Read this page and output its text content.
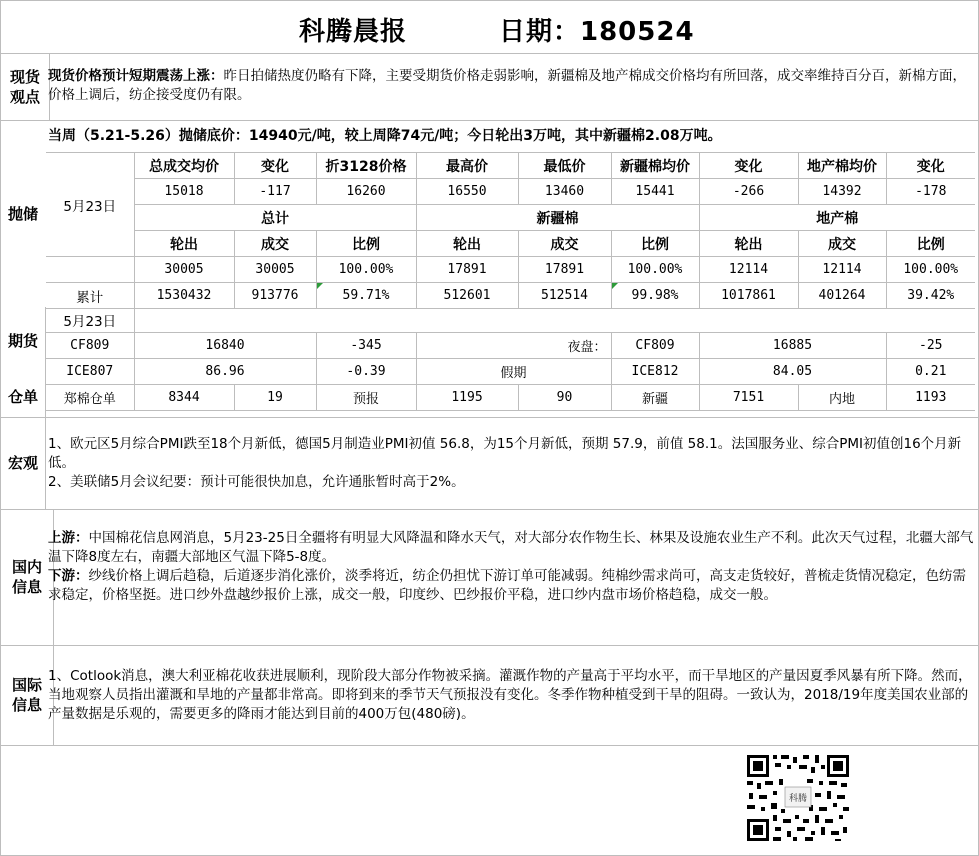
科腾晨报	日期：180524
现货观点
现货价格预计短期震荡上涨：昨日拍储热度仍略有下降，主要受期货价格走弱影响，新疆棉及地产棉成交价格均有所回落，成交率维持百分百，新棉方面，价格上调后，纺企接受度仍有限。
抛储
当周（5.21-5.26）抛储底价：14940元/吨，较上周降74元/吨；今日轮出3万吨，其中新疆棉2.08万吨。
5月23日	总成交均价	变化	折3128价格	最高价	最低价	新疆棉均价	变化	地产棉均价	变化
	15018	-117	16260	16550	13460	15441	-266	14392	-178
	总计			新疆棉			地产棉		
	轮出	成交	比例	轮出	成交	比例	轮出	成交	比例
	30005	30005	100.00%	17891	17891	100.00%	12114	12114	100.00%
累计	1530432	913776	59.71%	512601	512514	99.98%	1017861	401264	39.42%
期货
仓单
5月23日									
CF809	16840		-345	夜盘：		CF809	16885		-25
ICE807	86.96		-0.39	假期		ICE812	84.05		0.21
郑棉仓单	8344	19	预报	1195	90	新疆	7151	内地	1193
宏观
1、欧元区5月综合PMI跌至18个月新低，德国5月制造业PMI初值 56.8，为15个月新低，预期 57.9，前值 58.1。法国服务业、综合PMI初值创16个月新低。
2、美联储5月会议纪要：预计可能很快加息，允许通胀暂时高于2%。
国内信息
上游：中国棉花信息网消息，5月23-25日全疆将有明显大风降温和降水天气，对大部分农作物生长、林果及设施农业生产不利。此次天气过程，北疆大部气温下降8度左右，南疆大部地区气温下降5-8度。
下游：纱线价格上调后趋稳，后道逐步消化涨价，淡季将近，纺企仍担忧下游订单可能减弱。纯棉纱需求尚可，高支走货较好，普梳走货情况稳定，色纺需求稳定，价格坚挺。进口纱外盘越纱报价上涨，成交一般，印度纱、巴纱报价平稳，进口纱内盘市场价格趋稳，成交一般。
国际信息
1、Cotlook消息，澳大利亚棉花收获进展顺利，现阶段大部分作物被采摘。灌溉作物的产量高于平均水平，而干旱地区的产量因夏季风暴有所下降。然而，当地观察人员指出灌溉和旱地的产量都非常高。即将到来的季节天气预报没有变化。冬季作物种植受到干旱的阻碍。一致认为，2018/19年度美国农业部的产量数据是乐观的，需要更多的降雨才能达到目前的400万包(480磅)。
科腾
